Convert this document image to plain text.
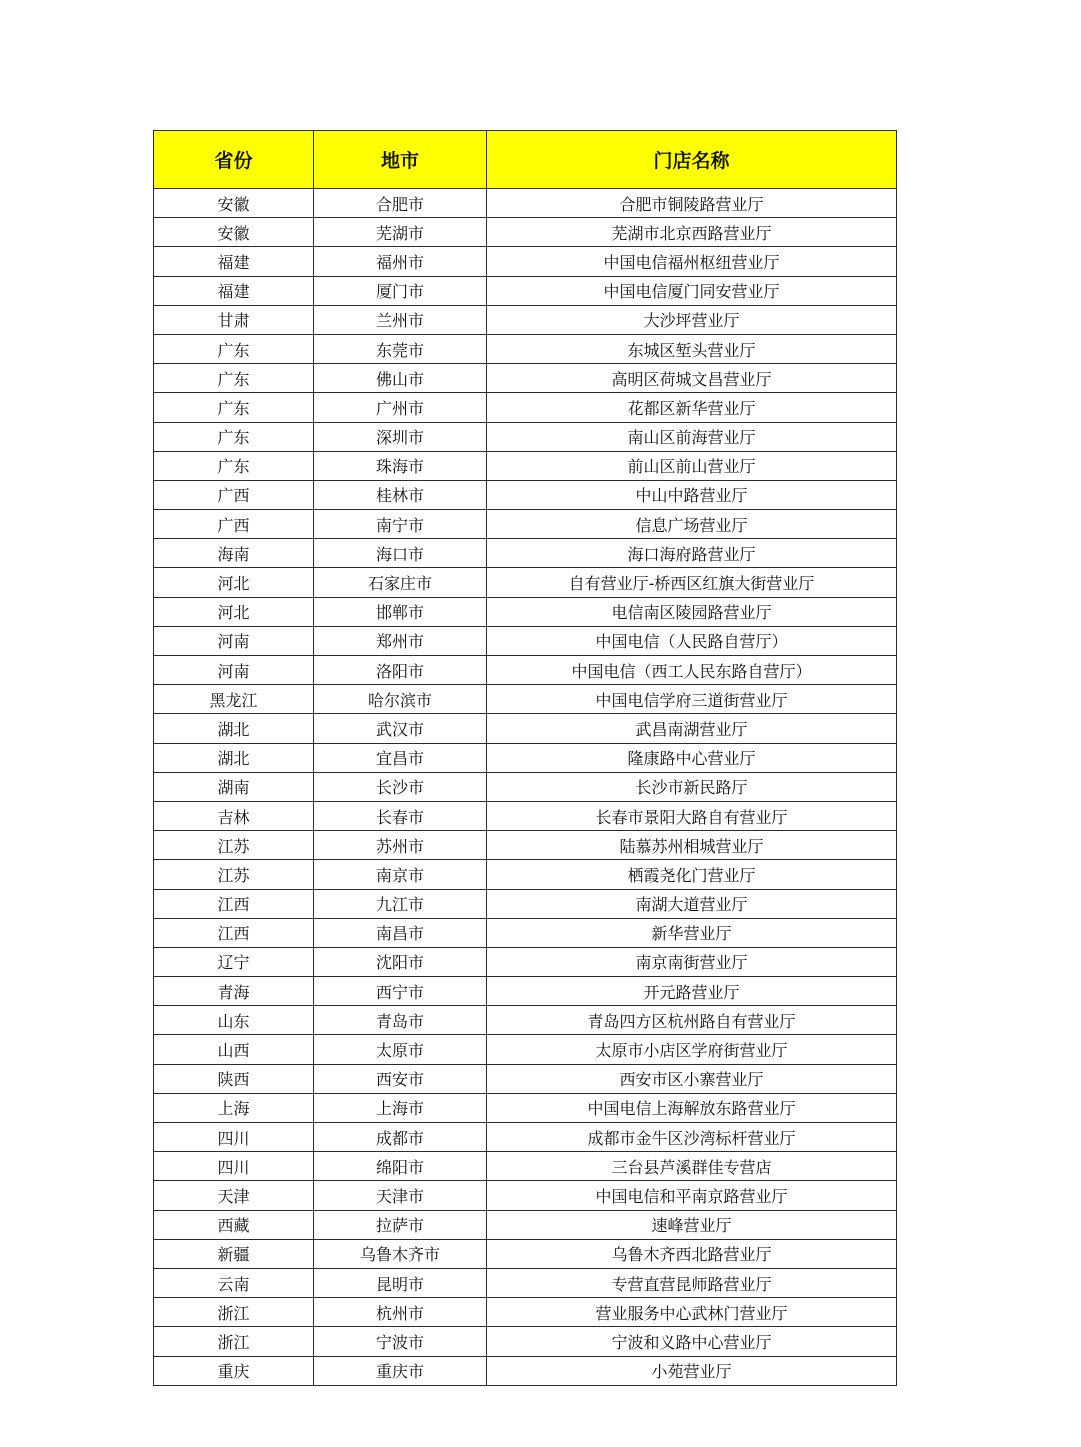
省份	地市	门店名称
安徽	合肥市	合肥市铜陵路营业厅
安徽	芜湖市	芜湖市北京西路营业厅
福建	福州市	中国电信福州枢纽营业厅
福建	厦门市	中国电信厦门同安营业厅
甘肃	兰州市	大沙坪营业厅
广东	东莞市	东城区堑头营业厅
广东	佛山市	高明区荷城文昌营业厅
广东	广州市	花都区新华营业厅
广东	深圳市	南山区前海营业厅
广东	珠海市	前山区前山营业厅
广西	桂林市	中山中路营业厅
广西	南宁市	信息广场营业厅
海南	海口市	海口海府路营业厅
河北	石家庄市	自有营业厅-桥西区红旗大街营业厅
河北	邯郸市	电信南区陵园路营业厅
河南	郑州市	中国电信（人民路自营厅）
河南	洛阳市	中国电信（西工人民东路自营厅）
黑龙江	哈尔滨市	中国电信学府三道街营业厅
湖北	武汉市	武昌南湖营业厅
湖北	宜昌市	隆康路中心营业厅
湖南	长沙市	长沙市新民路厅
吉林	长春市	长春市景阳大路自有营业厅
江苏	苏州市	陆慕苏州相城营业厅
江苏	南京市	栖霞尧化门营业厅
江西	九江市	南湖大道营业厅
江西	南昌市	新华营业厅
辽宁	沈阳市	南京南街营业厅
青海	西宁市	开元路营业厅
山东	青岛市	青岛四方区杭州路自有营业厅
山西	太原市	太原市小店区学府街营业厅
陕西	西安市	西安市区小寨营业厅
上海	上海市	中国电信上海解放东路营业厅
四川	成都市	成都市金牛区沙湾标杆营业厅
四川	绵阳市	三台县芦溪群佳专营店
天津	天津市	中国电信和平南京路营业厅
西藏	拉萨市	速峰营业厅
新疆	乌鲁木齐市	乌鲁木齐西北路营业厅
云南	昆明市	专营直营昆师路营业厅
浙江	杭州市	营业服务中心武林门营业厅
浙江	宁波市	宁波和义路中心营业厅
重庆	重庆市	小苑营业厅
